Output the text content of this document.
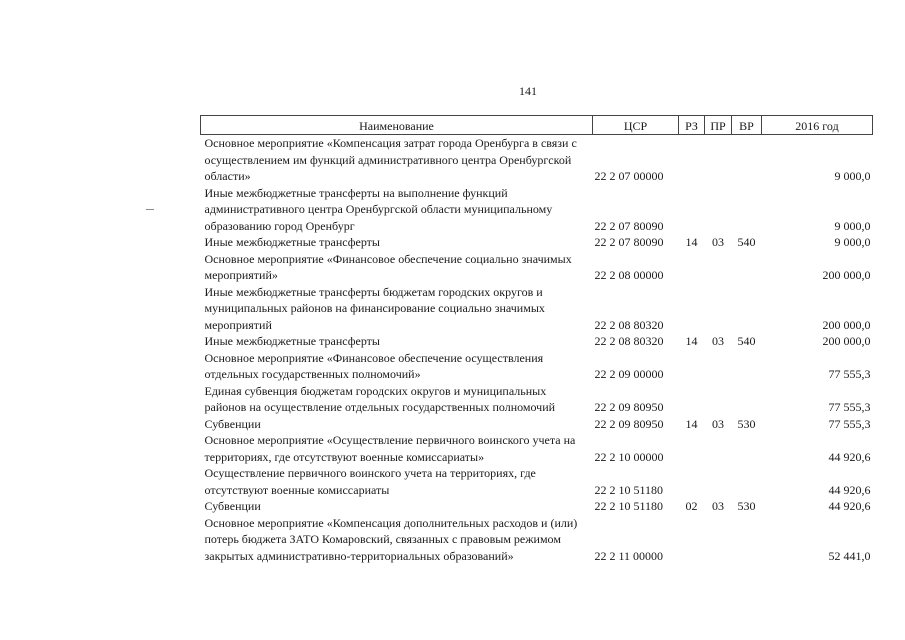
141
Наименование	ЦСР	РЗ	ПР	ВР	2016 год
Основное мероприятие «Компенсация затрат города Оренбурга в связи с осуществлением им функций административного центра Оренбургской области»	22 2 07 00000				9 000,0
Иные межбюджетные трансферты на выполнение функций административного центра Оренбургской области муниципальному образованию город Оренбург	22 2 07 80090				9 000,0
Иные межбюджетные трансферты	22 2 07 80090	14	03	540	9 000,0
Основное мероприятие «Финансовое обеспечение социально значимых мероприятий»	22 2 08 00000				200 000,0
Иные межбюджетные трансферты бюджетам городских округов и муниципальных районов на финансирование социально значимых мероприятий	22 2 08 80320				200 000,0
Иные межбюджетные трансферты	22 2 08 80320	14	03	540	200 000,0
Основное мероприятие «Финансовое обеспечение осуществления отдельных государственных полномочий»	22 2 09 00000				77 555,3
Единая субвенция бюджетам городских округов и муниципальных районов на осуществление отдельных государственных полномочий	22 2 09 80950				77 555,3
Субвенции	22 2 09 80950	14	03	530	77 555,3
Основное мероприятие «Осуществление первичного воинского учета на территориях, где отсутствуют военные комиссариаты»	22 2 10 00000				44 920,6
Осуществление первичного воинского учета на территориях, где отсутствуют военные комиссариаты	22 2 10 51180				44 920,6
Субвенции	22 2 10 51180	02	03	530	44 920,6
Основное мероприятие «Компенсация дополнительных расходов и (или) потерь бюджета ЗАТО Комаровский, связанных с правовым режимом закрытых административно-территориальных образований»	22 2 11 00000				52 441,0
